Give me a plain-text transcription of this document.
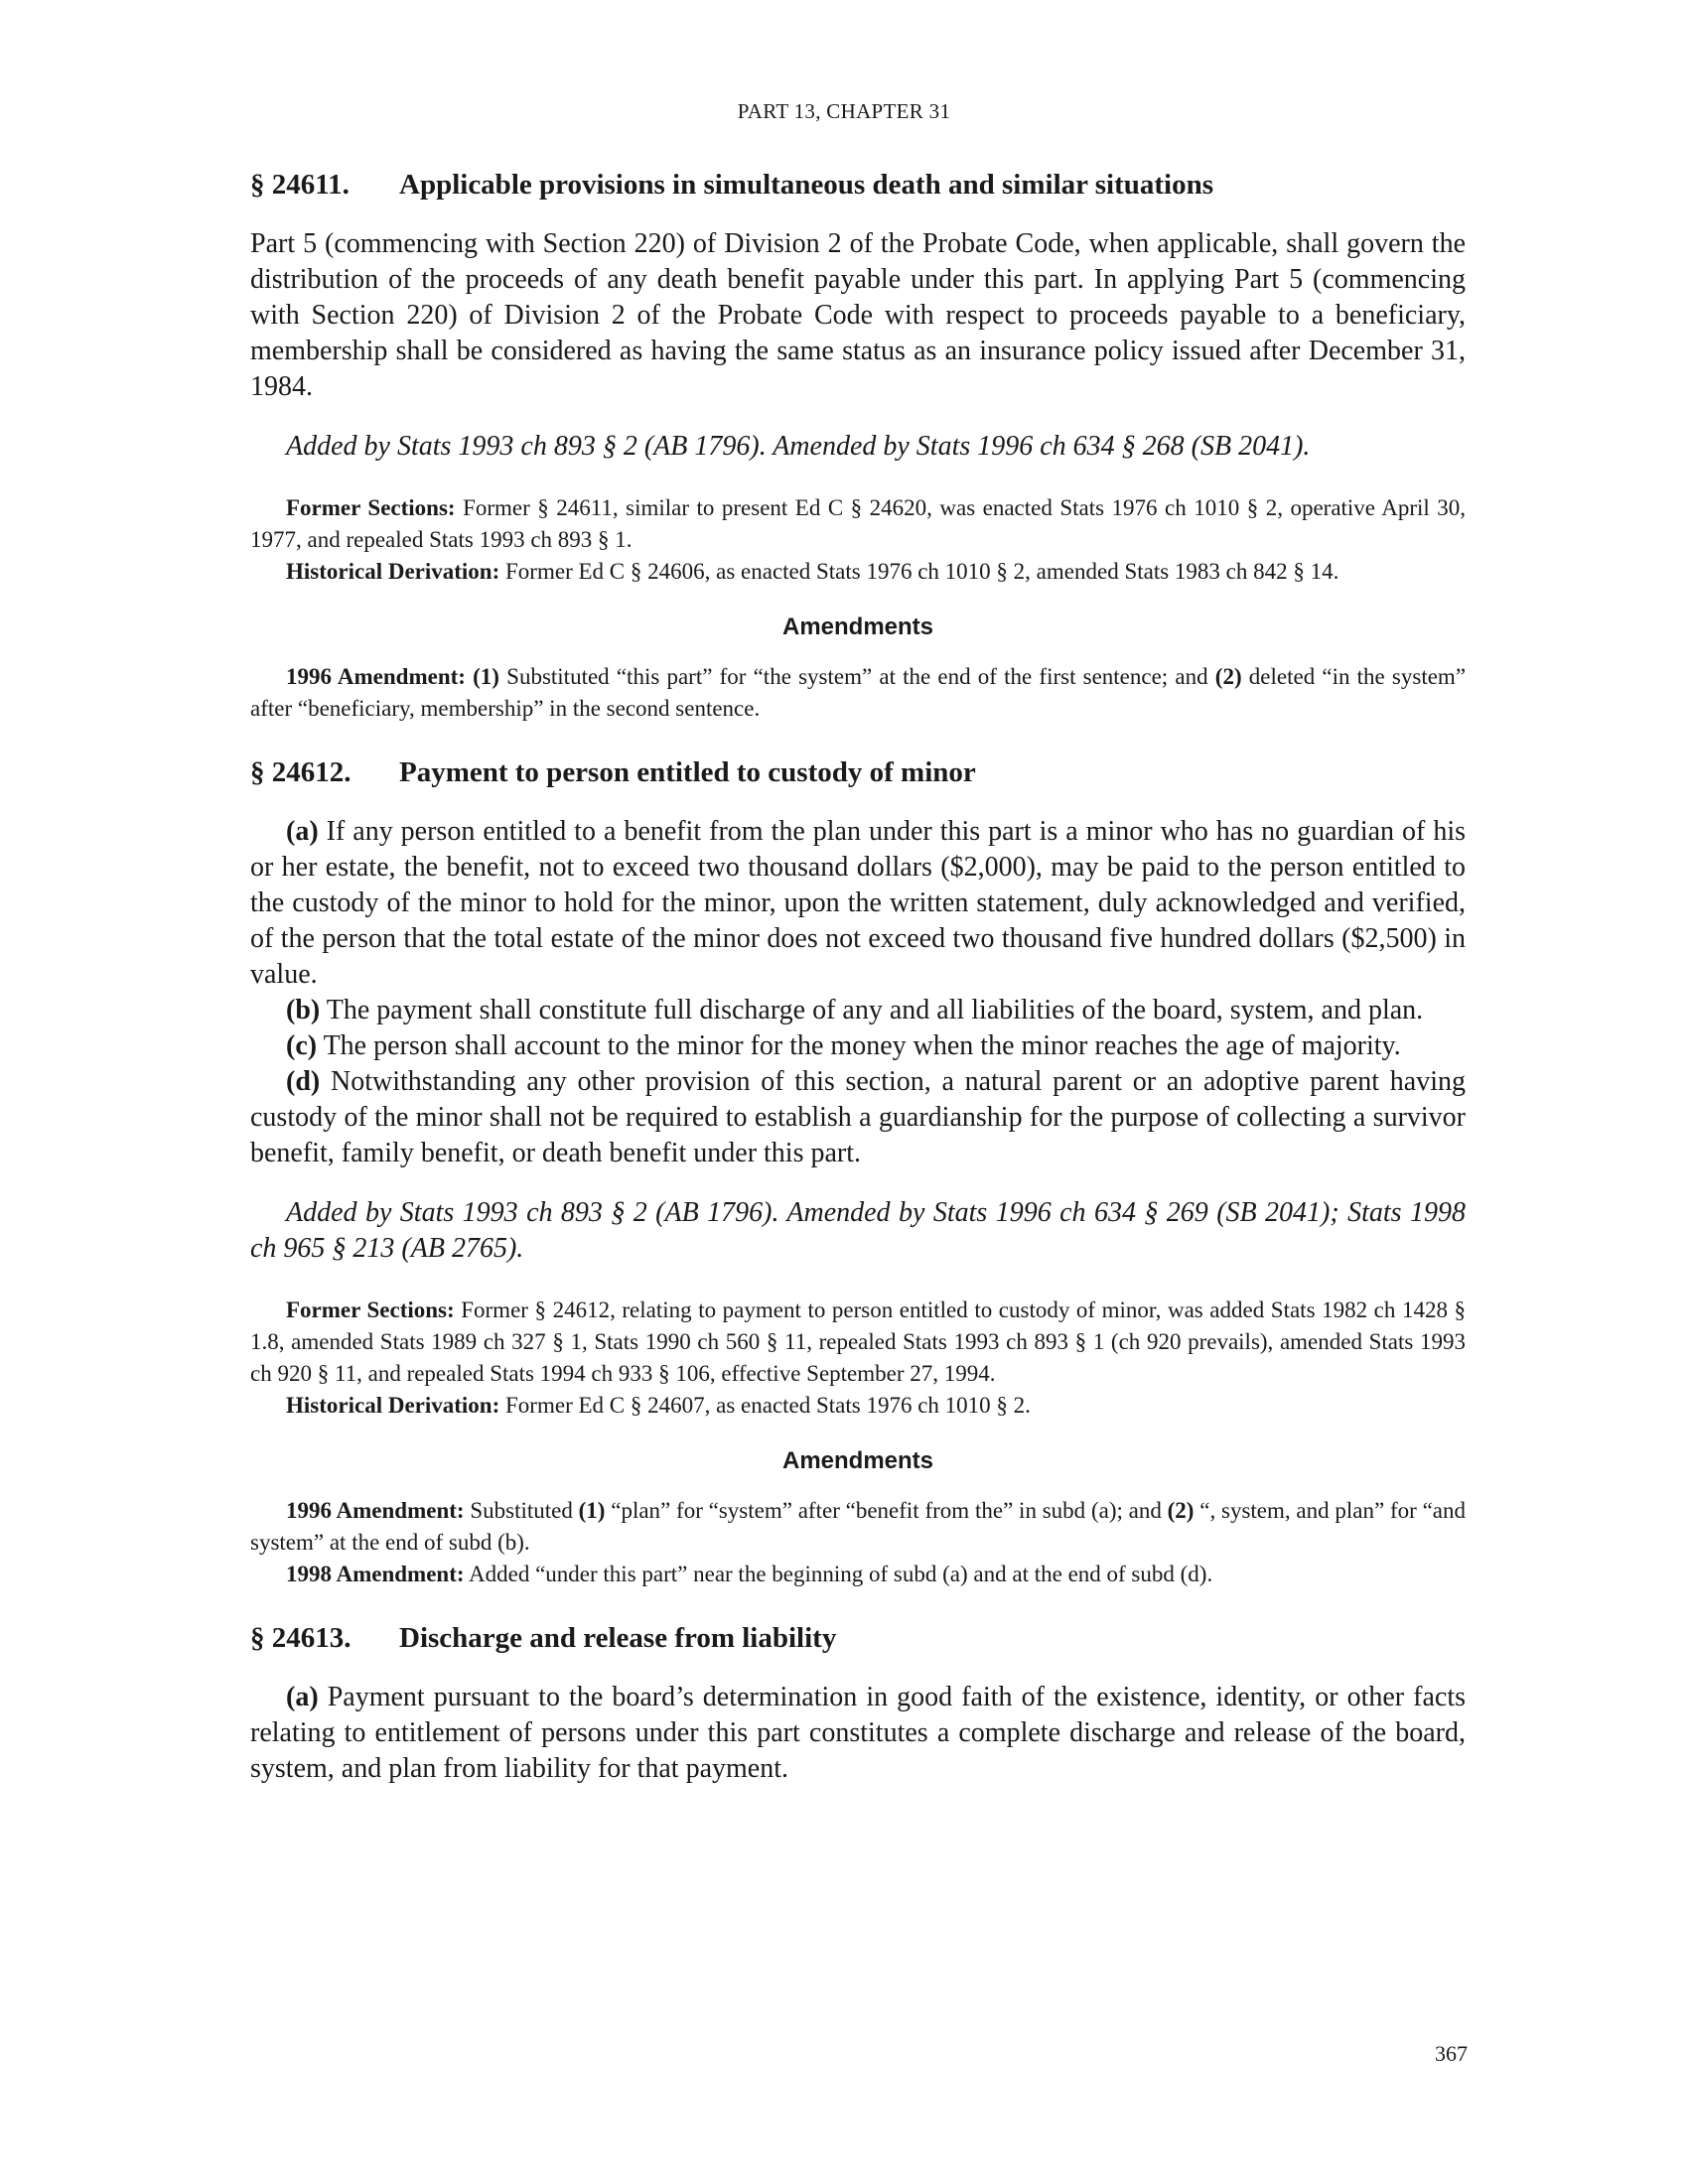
PART 13, CHAPTER 31
§ 24611.	Applicable provisions in simultaneous death and similar situations

Part 5 (commencing with Section 220) of Division 2 of the Probate Code, when applicable, shall govern the distribution of the proceeds of any death benefit payable under this part. In applying Part 5 (commencing with Section 220) of Division 2 of the Probate Code with respect to proceeds payable to a beneficiary, membership shall be considered as having the same status as an insurance policy issued after December 31, 1984.

Added by Stats 1993 ch 893 § 2 (AB 1796). Amended by Stats 1996 ch 634 § 268 (SB 2041).

Former Sections: Former § 24611, similar to present Ed C § 24620, was enacted Stats 1976 ch 1010 § 2, operative April 30, 1977, and repealed Stats 1993 ch 893 § 1.

Historical Derivation: Former Ed C § 24606, as enacted Stats 1976 ch 1010 § 2, amended Stats 1983 ch 842 § 14.

Amendments

1996 Amendment: (1) Substituted “this part” for “the system” at the end of the first sentence; and (2) deleted “in the system” after “beneficiary, membership” in the second sentence.

§ 24612.	Payment to person entitled to custody of minor

(a) If any person entitled to a benefit from the plan under this part is a minor who has no guardian of his or her estate, the benefit, not to exceed two thousand dollars ($2,000), may be paid to the person entitled to the custody of the minor to hold for the minor, upon the written statement, duly acknowledged and verified, of the person that the total estate of the minor does not exceed two thousand five hundred dollars ($2,500) in value.

(b) The payment shall constitute full discharge of any and all liabilities of the board, system, and plan.

(c) The person shall account to the minor for the money when the minor reaches the age of majority.

(d) Notwithstanding any other provision of this section, a natural parent or an adoptive parent having custody of the minor shall not be required to establish a guardianship for the purpose of collecting a survivor benefit, family benefit, or death benefit under this part.

Added by Stats 1993 ch 893 § 2 (AB 1796). Amended by Stats 1996 ch 634 § 269 (SB 2041); Stats 1998 ch 965 § 213 (AB 2765).

Former Sections: Former § 24612, relating to payment to person entitled to custody of minor, was added Stats 1982 ch 1428 § 1.8, amended Stats 1989 ch 327 § 1, Stats 1990 ch 560 § 11, repealed Stats 1993 ch 893 § 1 (ch 920 prevails), amended Stats 1993 ch 920 § 11, and repealed Stats 1994 ch 933 § 106, effective September 27, 1994.

Historical Derivation: Former Ed C § 24607, as enacted Stats 1976 ch 1010 § 2.

Amendments

1996 Amendment: Substituted (1) “plan” for “system” after “benefit from the” in subd (a); and (2) “, system, and plan” for “and system” at the end of subd (b).

1998 Amendment: Added “under this part” near the beginning of subd (a) and at the end of subd (d).

§ 24613.	Discharge and release from liability

(a) Payment pursuant to the board’s determination in good faith of the existence, identity, or other facts relating to entitlement of persons under this part constitutes a complete discharge and release of the board, system, and plan from liability for that payment.

367
